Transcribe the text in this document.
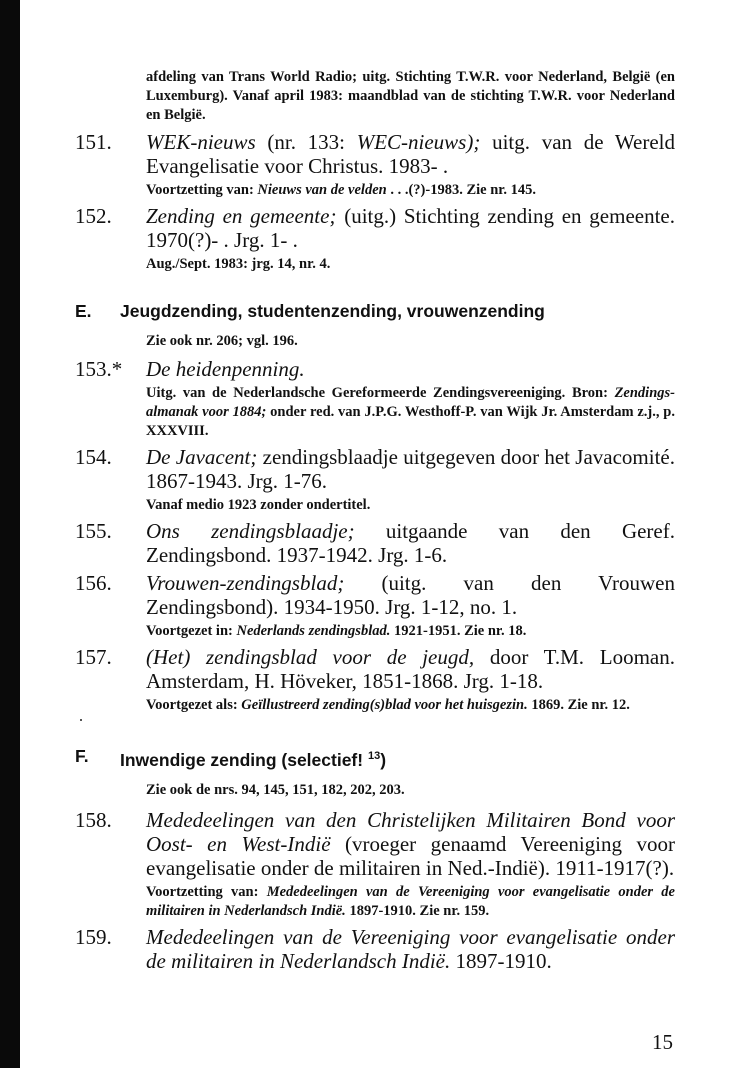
afdeling van Trans World Radio; uitg. Stichting T.W.R. voor Nederland, België (en Luxemburg). Vanaf april 1983: maandblad van de stichting T.W.R. voor Nederland en België.
151. WEK-nieuws (nr. 133: WEC-nieuws); uitg. van de Wereld Evangelisatie voor Christus. 1983- .
Voortzetting van: Nieuws van de velden . . .(?)-1983. Zie nr. 145.
152. Zending en gemeente; (uitg.) Stichting zending en gemeente. 1970(?)- . Jrg. 1- .
Aug./Sept. 1983: jrg. 14, nr. 4.
E. Jeugdzending, studentenzending, vrouwenzending
Zie ook nr. 206; vgl. 196.
153.* De heidenpenning.
Uitg. van de Nederlandsche Gereformeerde Zendingsvereeniging. Bron: Zendings-almanak voor 1884; onder red. van J.P.G. Westhoff-P. van Wijk Jr. Amsterdam z.j., p. XXXVIII.
154. De Javacent; zendingsblaadje uitgegeven door het Javacomité. 1867-1943. Jrg. 1-76.
Vanaf medio 1923 zonder ondertitel.
155. Ons zendingsblaadje; uitgaande van den Geref. Zendingsbond. 1937-1942. Jrg. 1-6.
156. Vrouwen-zendingsblad; (uitg. van den Vrouwen Zendingsbond). 1934-1950. Jrg. 1-12, no. 1.
Voortgezet in: Nederlands zendingsblad. 1921-1951. Zie nr. 18.
157. (Het) zendingsblad voor de jeugd, door T.M. Looman. Amsterdam, H. Höveker, 1851-1868. Jrg. 1-18.
Voortgezet als: Geïllustreerd zending(s)blad voor het huisgezin. 1869. Zie nr. 12.
F. Inwendige zending (selectief! $^{13}$)
Zie ook de nrs. 94, 145, 151, 182, 202, 203.
158. Mededeelingen van den Christelijken Militairen Bond voor Oost- en West-Indië (vroeger genaamd Vereeniging voor evangelisatie onder de militairen in Ned.-Indië). 1911-1917(?).
Voortzetting van: Mededeelingen van de Vereeniging voor evangelisatie onder de militairen in Nederlandsch Indië. 1897-1910. Zie nr. 159.
159. Mededeelingen van de Vereeniging voor evangelisatie onder de militairen in Nederlandsch Indië. 1897-1910.
15
